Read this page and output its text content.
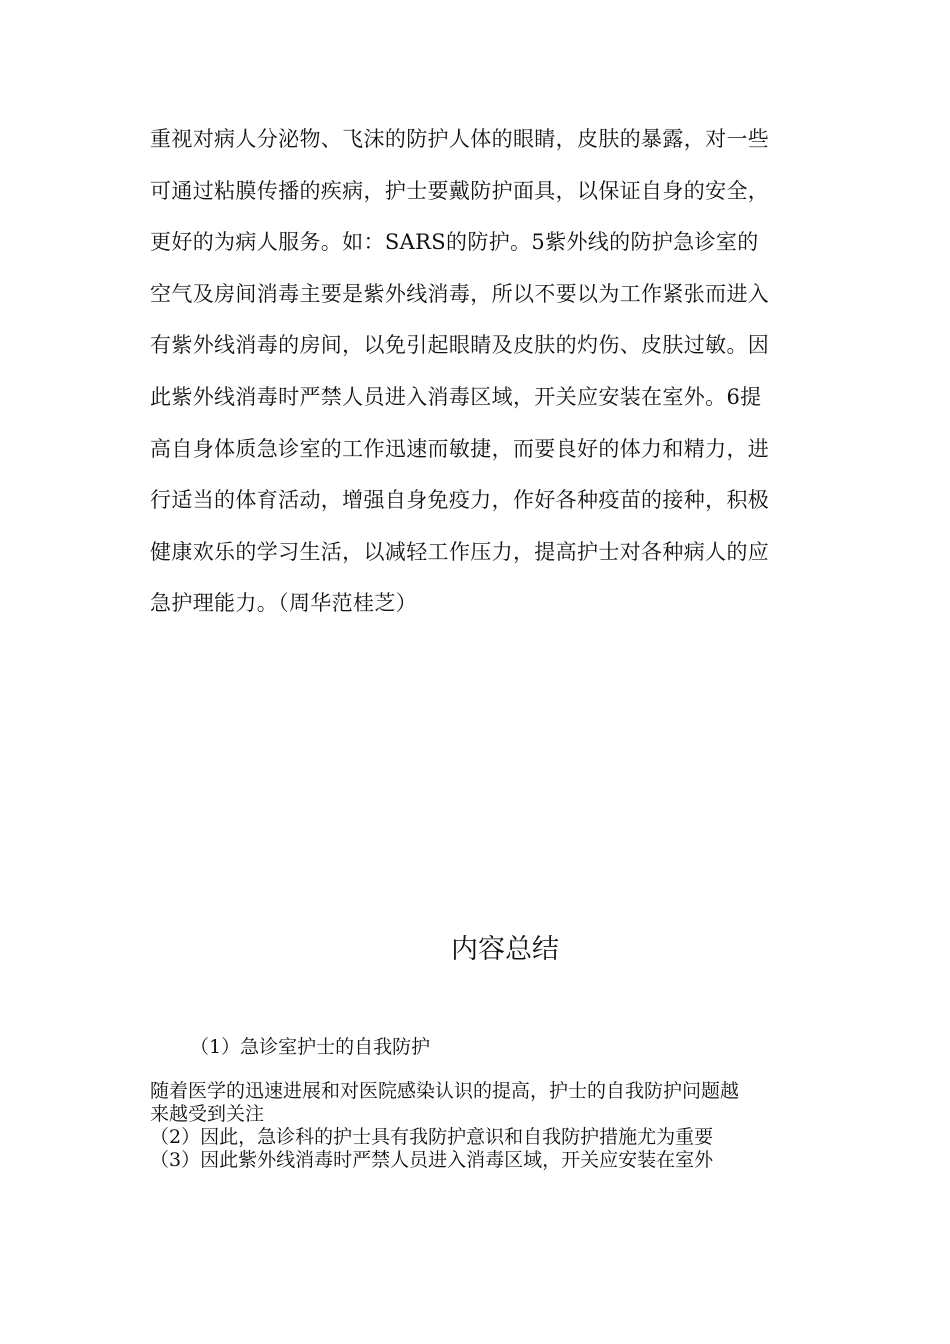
重视对病人分泌物、飞沫的防护人体的眼睛，皮肤的暴露，对一些
可通过粘膜传播的疾病，护士要戴防护面具，以保证自身的安全，
更好的为病人服务。如：SARS的防护。5紫外线的防护急诊室的
空气及房间消毒主要是紫外线消毒，所以不要以为工作紧张而进入
有紫外线消毒的房间，以免引起眼睛及皮肤的灼伤、皮肤过敏。因
此紫外线消毒时严禁人员进入消毒区域，开关应安装在室外。6提
高自身体质急诊室的工作迅速而敏捷，而要良好的体力和精力，进
行适当的体育活动，增强自身免疫力，作好各种疫苗的接种，积极
健康欢乐的学习生活，以减轻工作压力，提高护士对各种病人的应
急护理能力。（周华范桂芝）

内容总结

（1）急诊室护士的自我防护

随着医学的迅速进展和对医院感染认识的提高，护士的自我防护问题越
来越受到关注
（2）因此，急诊科的护士具有我防护意识和自我防护措施尤为重要
（3）因此紫外线消毒时严禁人员进入消毒区域，开关应安装在室外
